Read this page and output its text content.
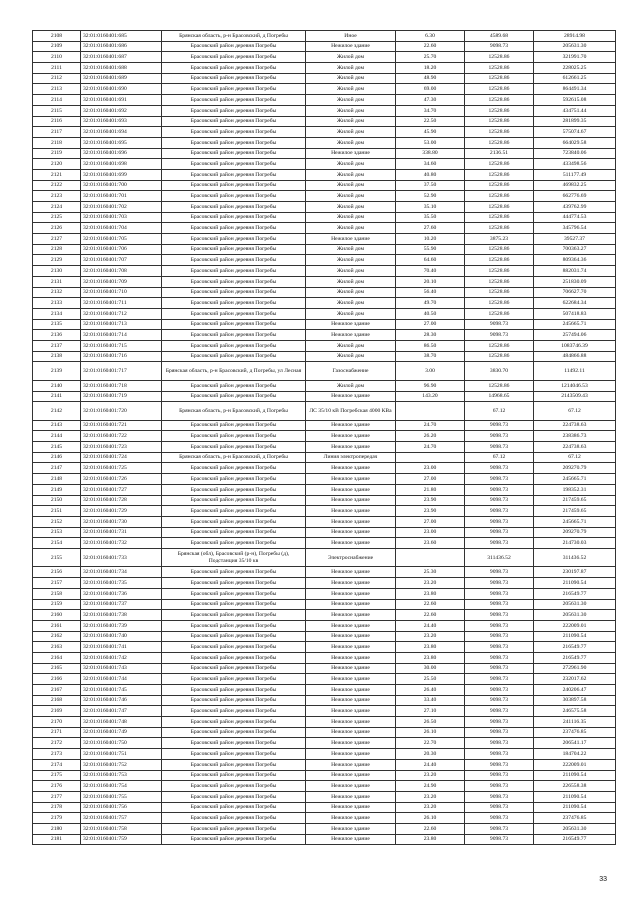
2108	32:01:0160401:685	Брянская область, р-н Брасовский, д Погребы	Иное	6.30	4589.68	28914.98
2109	32:01:0160401:686	Брасовский район деревня Погребы	Нежилое здание	22.60	9098.73	205631.30
2110	32:01:0160401:687	Брасовский район деревня Погребы	Жилой дом	25.70	12528.86	321991.70
2111	32:01:0160401:688	Брасовский район деревня Погребы	Жилой дом	18.20	12528.86	228025.25
2112	32:01:0160401:689	Брасовский район деревня Погребы	Жилой дом	48.90	12528.86	612661.25
2113	32:01:0160401:690	Брасовский район деревня Погребы	Жилой дом	69.00	12528.86	864491.34
2114	32:01:0160401:691	Брасовский район деревня Погребы	Жилой дом	47.30	12528.86	592615.08
2115	32:01:0160401:692	Брасовский район деревня Погребы	Жилой дом	34.70	12528.86	434751.44
2116	32:01:0160401:693	Брасовский район деревня Погребы	Жилой дом	22.50	12528.86	281899.35
2117	32:01:0160401:694	Брасовский район деревня Погребы	Жилой дом	45.90	12528.86	575074.67
2118	32:01:0160401:695	Брасовский район деревня Погребы	Жилой дом	53.00	12528.86	664029.58
2119	32:01:0160401:696	Брасовский район деревня Погребы	Нежилое здание	338.80	2136.51	723840.06
2120	32:01:0160401:698	Брасовский район деревня Погребы	Жилой дом	34.60	12528.86	433498.56
2121	32:01:0160401:699	Брасовский район деревня Погребы	Жилой дом	40.80	12528.86	511177.49
2122	32:01:0160401:700	Брасовский район деревня Погребы	Жилой дом	37.50	12528.86	469832.25
2123	32:01:0160401:701	Брасовский район деревня Погребы	Жилой дом	52.90	12528.86	662776.69
2124	32:01:0160401:702	Брасовский район деревня Погребы	Жилой дом	35.10	12528.86	439762.99
2125	32:01:0160401:703	Брасовский район деревня Погребы	Жилой дом	35.50	12528.86	444774.53
2126	32:01:0160401:704	Брасовский район деревня Погребы	Жилой дом	27.60	12528.86	345796.54
2127	32:01:0160401:705	Брасовский район деревня Погребы	Нежилое здание	10.20	3875.23	39527.37
2128	32:01:0160401:706	Брасовский район деревня Погребы	Жилой дом	55.90	12528.86	700363.27
2129	32:01:0160401:707	Брасовский район деревня Погребы	Жилой дом	64.60	12528.86	809364.36
2130	32:01:0160401:708	Брасовский район деревня Погребы	Жилой дом	70.40	12528.86	882031.74
2131	32:01:0160401:709	Брасовский район деревня Погребы	Жилой дом	20.10	12528.86	251830.09
2132	32:01:0160401:710	Брасовский район деревня Погребы	Жилой дом	56.40	12528.86	706627.70
2133	32:01:0160401:711	Брасовский район деревня Погребы	Жилой дом	49.70	12528.86	622684.34
2134	32:01:0160401:712	Брасовский район деревня Погребы	Жилой дом	40.50	12528.86	507418.83
2135	32:01:0160401:713	Брасовский район деревня Погребы	Нежилое здание	27.00	9098.73	245665.71
2136	32:01:0160401:714	Брасовский район деревня Погребы	Нежилое здание	28.30	9098.73	257494.06
2137	32:01:0160401:715	Брасовский район деревня Погребы	Жилой дом	86.50	12528.86	1083746.39
2138	32:01:0160401:716	Брасовский район деревня Погребы	Жилой дом	38.70	12528.86	484866.88
2139	32:01:0160401:717	Брянская область, р-н Брасовский, д Погребы, ул Лесная	Газоснабжение	3.00	3830.70	11492.11
2140	32:01:0160401:718	Брасовский район деревня Погребы	Жилой дом	96.90	12528.86	1214046.53
2141	32:01:0160401:719	Брасовский район деревня Погребы	Нежилое здание	143.20	14968.65	2143509.43
2142	32:01:0160401:720	Брянская область, р-н Брасовский, д Погребы	ЛС 35/10 кВ Погребская 4000 КВа		67.12	67.12
2143	32:01:0160401:721	Брасовский район деревня Погребы	Нежилое здание	24.70	9098.73	224738.63
2144	32:01:0160401:722	Брасовский район деревня Погребы	Нежилое здание	26.20	9098.73	238386.73
2145	32:01:0160401:723	Брасовский район деревня Погребы	Нежилое здание	24.70	9098.73	224738.63
2146	32:01:0160401:724	Брянская область, р-н Брасовский, д Погребы	Линия электропередач		67.12	67.12
2147	32:01:0160401:725	Брасовский район деревня Погребы	Нежилое здание	23.00	9098.73	209270.79
2148	32:01:0160401:726	Брасовский район деревня Погребы	Нежилое здание	27.00	9098.73	245665.71
2149	32:01:0160401:727	Брасовский район деревня Погребы	Нежилое здание	21.80	9098.73	198352.31
2150	32:01:0160401:728	Брасовский район деревня Погребы	Нежилое здание	23.90	9098.73	217459.65
2151	32:01:0160401:729	Брасовский район деревня Погребы	Нежилое здание	23.90	9098.73	217459.65
2152	32:01:0160401:730	Брасовский район деревня Погребы	Нежилое здание	27.00	9098.73	245665.71
2153	32:01:0160401:731	Брасовский район деревня Погребы	Нежилое здание	23.00	9098.73	209270.79
2154	32:01:0160401:732	Брасовский район деревня Погребы	Нежилое здание	23.60	9098.73	214730.03
2155	32:01:0160401:733	Брянская (обл), Брасовский (р-н), Погребы (д), Подстанция 35/10 кв	Электроснабжение		311436.52	311436.52
2156	32:01:0160401:734	Брасовский район деревня Погребы	Нежилое здание	25.30	9098.73	230197.87
2157	32:01:0160401:735	Брасовский район деревня Погребы	Нежилое здание	23.20	9098.73	211090.54
2158	32:01:0160401:736	Брасовский район деревня Погребы	Нежилое здание	23.80	9098.73	216549.77
2159	32:01:0160401:737	Брасовский район деревня Погребы	Нежилое здание	22.60	9098.73	205631.30
2160	32:01:0160401:738	Брасовский район деревня Погребы	Нежилое здание	22.60	9098.73	205631.30
2161	32:01:0160401:739	Брасовский район деревня Погребы	Нежилое здание	24.40	9098.73	222009.01
2162	32:01:0160401:740	Брасовский район деревня Погребы	Нежилое здание	23.20	9098.73	211090.54
2163	32:01:0160401:741	Брасовский район деревня Погребы	Нежилое здание	23.80	9098.73	216549.77
2164	32:01:0160401:742	Брасовский район деревня Погребы	Нежилое здание	23.80	9098.73	216549.77
2165	32:01:0160401:743	Брасовский район деревня Погребы	Нежилое здание	30.00	9098.73	272961.90
2166	32:01:0160401:744	Брасовский район деревня Погребы	Нежилое здание	25.50	9098.73	232017.62
2167	32:01:0160401:745	Брасовский район деревня Погребы	Нежилое здание	26.40	9098.73	240206.47
2168	32:01:0160401:746	Брасовский район деревня Погребы	Нежилое здание	33.40	9098.73	303897.58
2169	32:01:0160401:747	Брасовский район деревня Погребы	Нежилое здание	27.10	9098.73	246575.58
2170	32:01:0160401:748	Брасовский район деревня Погребы	Нежилое здание	26.50	9098.73	241116.35
2171	32:01:0160401:749	Брасовский район деревня Погребы	Нежилое здание	26.10	9098.73	237476.85
2172	32:01:0160401:750	Брасовский район деревня Погребы	Нежилое здание	22.70	9098.73	206541.17
2173	32:01:0160401:751	Брасовский район деревня Погребы	Нежилое здание	20.30	9098.73	184704.22
2174	32:01:0160401:752	Брасовский район деревня Погребы	Нежилое здание	24.40	9098.73	222009.01
2175	32:01:0160401:753	Брасовский район деревня Погребы	Нежилое здание	23.20	9098.73	211090.54
2176	32:01:0160401:754	Брасовский район деревня Погребы	Нежилое здание	24.90	9098.73	226558.38
2177	32:01:0160401:755	Брасовский район деревня Погребы	Нежилое здание	23.20	9098.73	211090.54
2178	32:01:0160401:756	Брасовский район деревня Погребы	Нежилое здание	23.20	9098.73	211090.54
2179	32:01:0160401:757	Брасовский район деревня Погребы	Нежилое здание	26.10	9098.73	237476.85
2180	32:01:0160401:758	Брасовский район деревня Погребы	Нежилое здание	22.60	9098.73	205631.30
2181	32:01:0160401:759	Брасовский район деревня Погребы	Нежилое здание	23.80	9098.73	216549.77
33
